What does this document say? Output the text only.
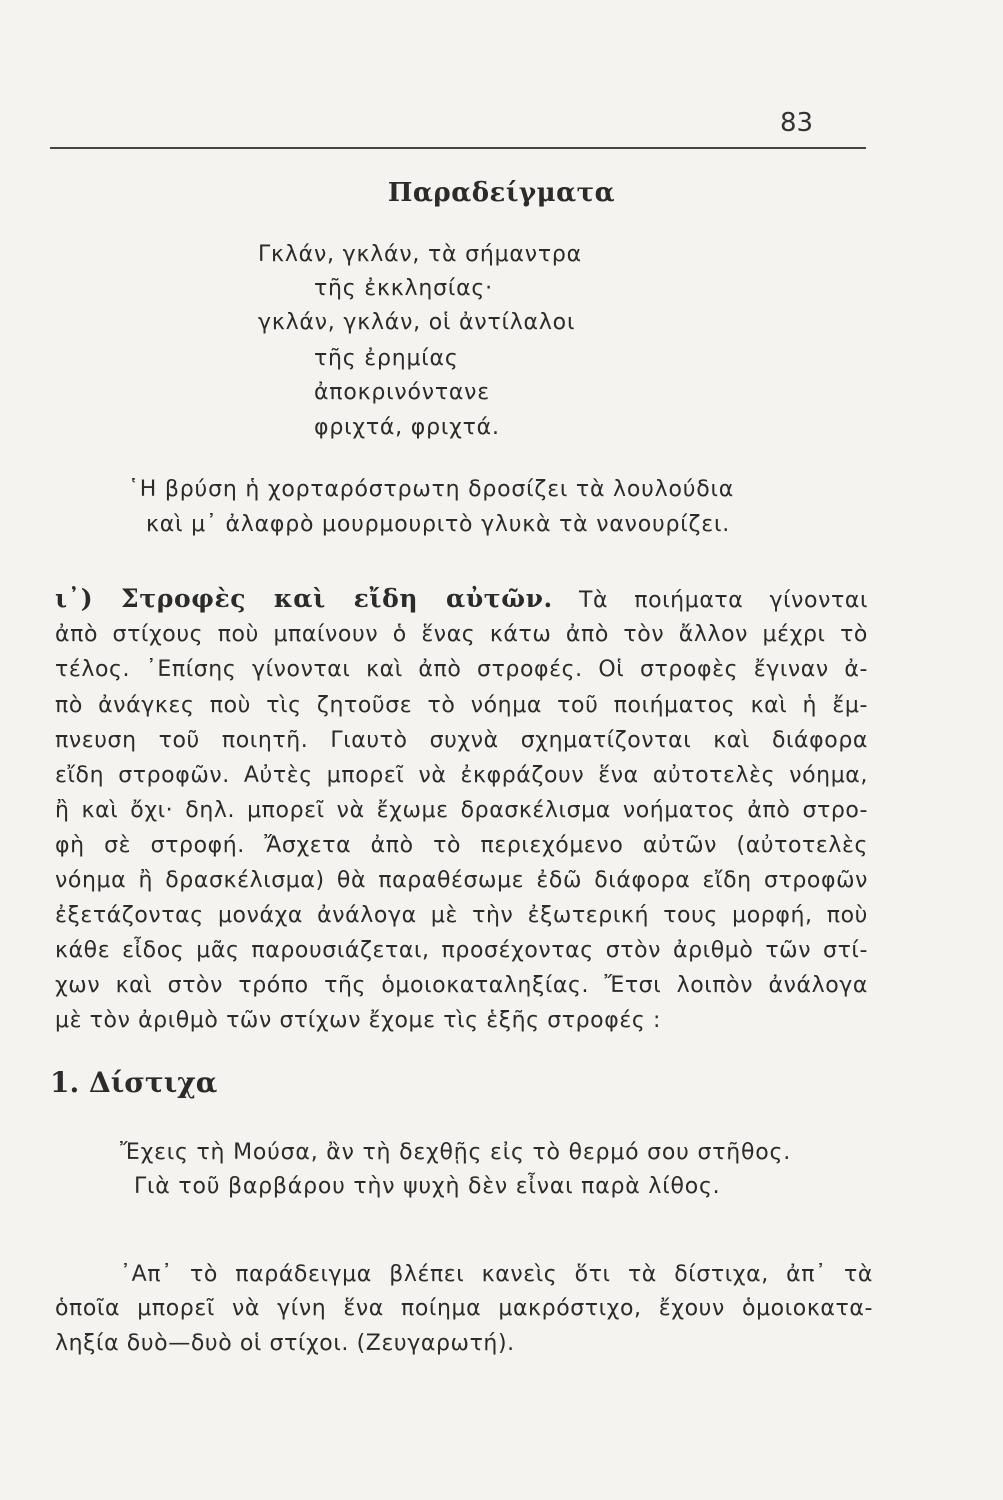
83
Παραδείγματα
Γκλάν, γκλάν, τὰ σήμαντρα
τῆς ἐκκλησίας·
γκλάν, γκλάν, οἱ ἀντίλαλοι
τῆς ἐρημίας
ἀποκρινόντανε
φριχτά, φριχτά.
῾Η βρύση ἡ χορταρόστρωτη δροσίζει τὰ λουλούδια
καὶ μ᾿ ἀλαφρὸ μουρμουριτὸ γλυκὰ τὰ νανουρίζει.
ι᾿) Στροφὲς καὶ εἴδη αὐτῶν. Τὰ ποιήματα γίνονται
ἀπὸ στίχους ποὺ μπαίνουν ὁ ἕνας κάτω ἀπὸ τὸν ἄλλον μέχρι τὸ
τέλος. ᾿Επίσης γίνονται καὶ ἀπὸ στροφές. Οἱ στροφὲς ἔγιναν ἀ-
πὸ ἀνάγκες ποὺ τὶς ζητοῦσε τὸ νόημα τοῦ ποιήματος καὶ ἡ ἔμ-
πνευση τοῦ ποιητῆ. Γιαυτὸ συχνὰ σχηματίζονται καὶ διάφορα
εἴδη στροφῶν. Αὐτὲς μπορεῖ νὰ ἐκφράζουν ἕνα αὐτοτελὲς νόημα,
ἢ καὶ ὄχι· δηλ. μπορεῖ νὰ ἔχωμε δρασκέλισμα νοήματος ἀπὸ στρο-
φὴ σὲ στροφή. Ἄσχετα ἀπὸ τὸ περιεχόμενο αὐτῶν (αὐτοτελὲς
νόημα ἢ δρασκέλισμα) θὰ παραθέσωμε ἐδῶ διάφορα εἴδη στροφῶν
ἐξετάζοντας μονάχα ἀνάλογα μὲ τὴν ἐξωτερική τους μορφή, ποὺ
κάθε εἶδος μᾶς παρουσιάζεται, προσέχοντας στὸν ἀριθμὸ τῶν στί-
χων καὶ στὸν τρόπο τῆς ὁμοιοκαταληξίας. Ἔτσι λοιπὸν ἀνάλογα
μὲ τὸν ἀριθμὸ τῶν στίχων ἔχομε τὶς ἑξῆς στροφές :
1. Δίστιχα
Ἔχεις τὴ Μούσα, ἂν τὴ δεχθῇς εἰς τὸ θερμό σου στῆθος.
Γιὰ τοῦ βαρβάρου τὴν ψυχὴ δὲν εἶναι παρὰ λίθος.
᾿Απ᾿ τὸ παράδειγμα βλέπει κανεὶς ὅτι τὰ δίστιχα, ἀπ᾿ τὰ
ὁποῖα μπορεῖ νὰ γίνη ἕνα ποίημα μακρόστιχο, ἔχουν ὁμοιοκατα-
ληξία δυὸ—δυὸ οἱ στίχοι. (Ζευγαρωτή).
